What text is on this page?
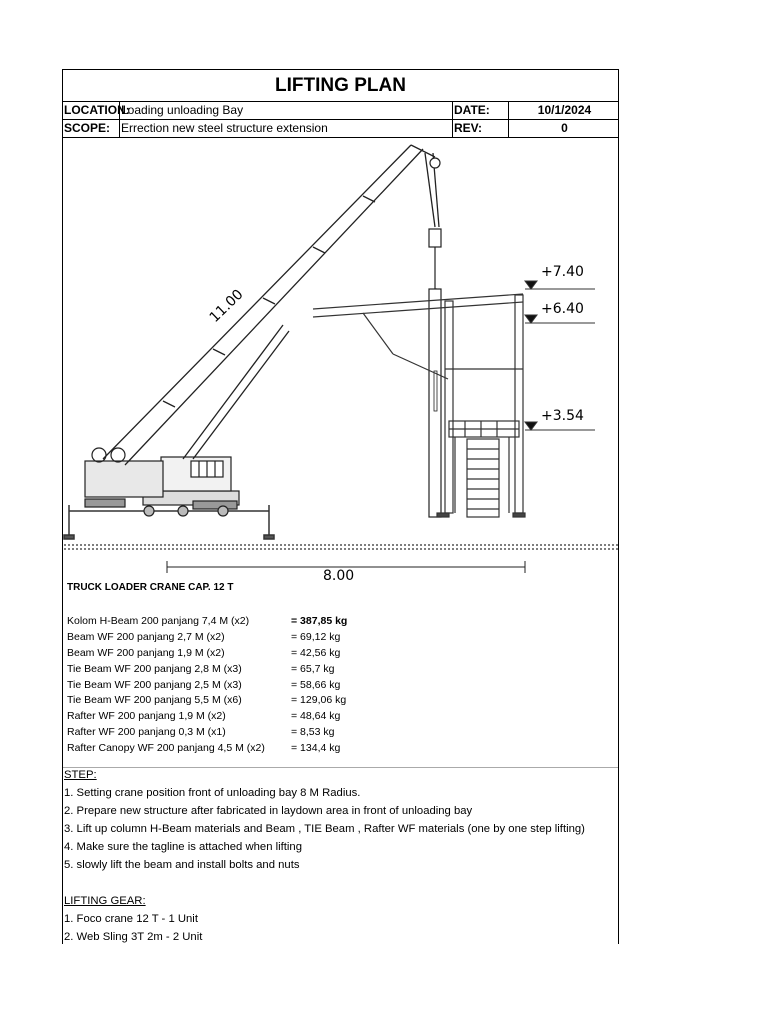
LIFTING PLAN
LOCATION:
Loading unloading Bay	DATE:	10/1/2024
SCOPE: Errection new steel structure extension	REV:	0
+7.40
+6.40
+3.54
11.00
8.00
TRUCK LOADER CRANE CAP. 12 T
Kolom H-Beam 200 panjang 7,4 M (x2)	= 387,85 kg
Beam WF 200 panjang 2,7 M (x2)	= 69,12 kg
Beam WF 200 panjang 1,9 M (x2)	= 42,56 kg
Tie Beam WF 200 panjang 2,8 M (x3)	= 65,7 kg
Tie Beam WF 200 panjang 2,5 M (x3)	= 58,66 kg
Tie Beam WF 200 panjang 5,5 M (x6)	= 129,06 kg
Rafter WF 200 panjang 1,9 M (x2)	= 48,64 kg
Rafter WF 200 panjang 0,3 M (x1)	= 8,53 kg
Rafter Canopy WF 200 panjang 4,5 M (x2) = 134,4 kg
STEP:
1. Setting crane position front of unloading bay 8 M Radius.
2. Prepare new structure after fabricated in laydown area in front of unloading bay
3. Lift up column H-Beam materials and Beam , TIE Beam , Rafter WF materials (one by one step lifting)
4. Make sure the tagline is attached when lifting
5. slowly lift the beam and install bolts and nuts
LIFTING GEAR:
1. Foco crane 12 T - 1 Unit
2. Web Sling 3T 2m - 2 Unit
